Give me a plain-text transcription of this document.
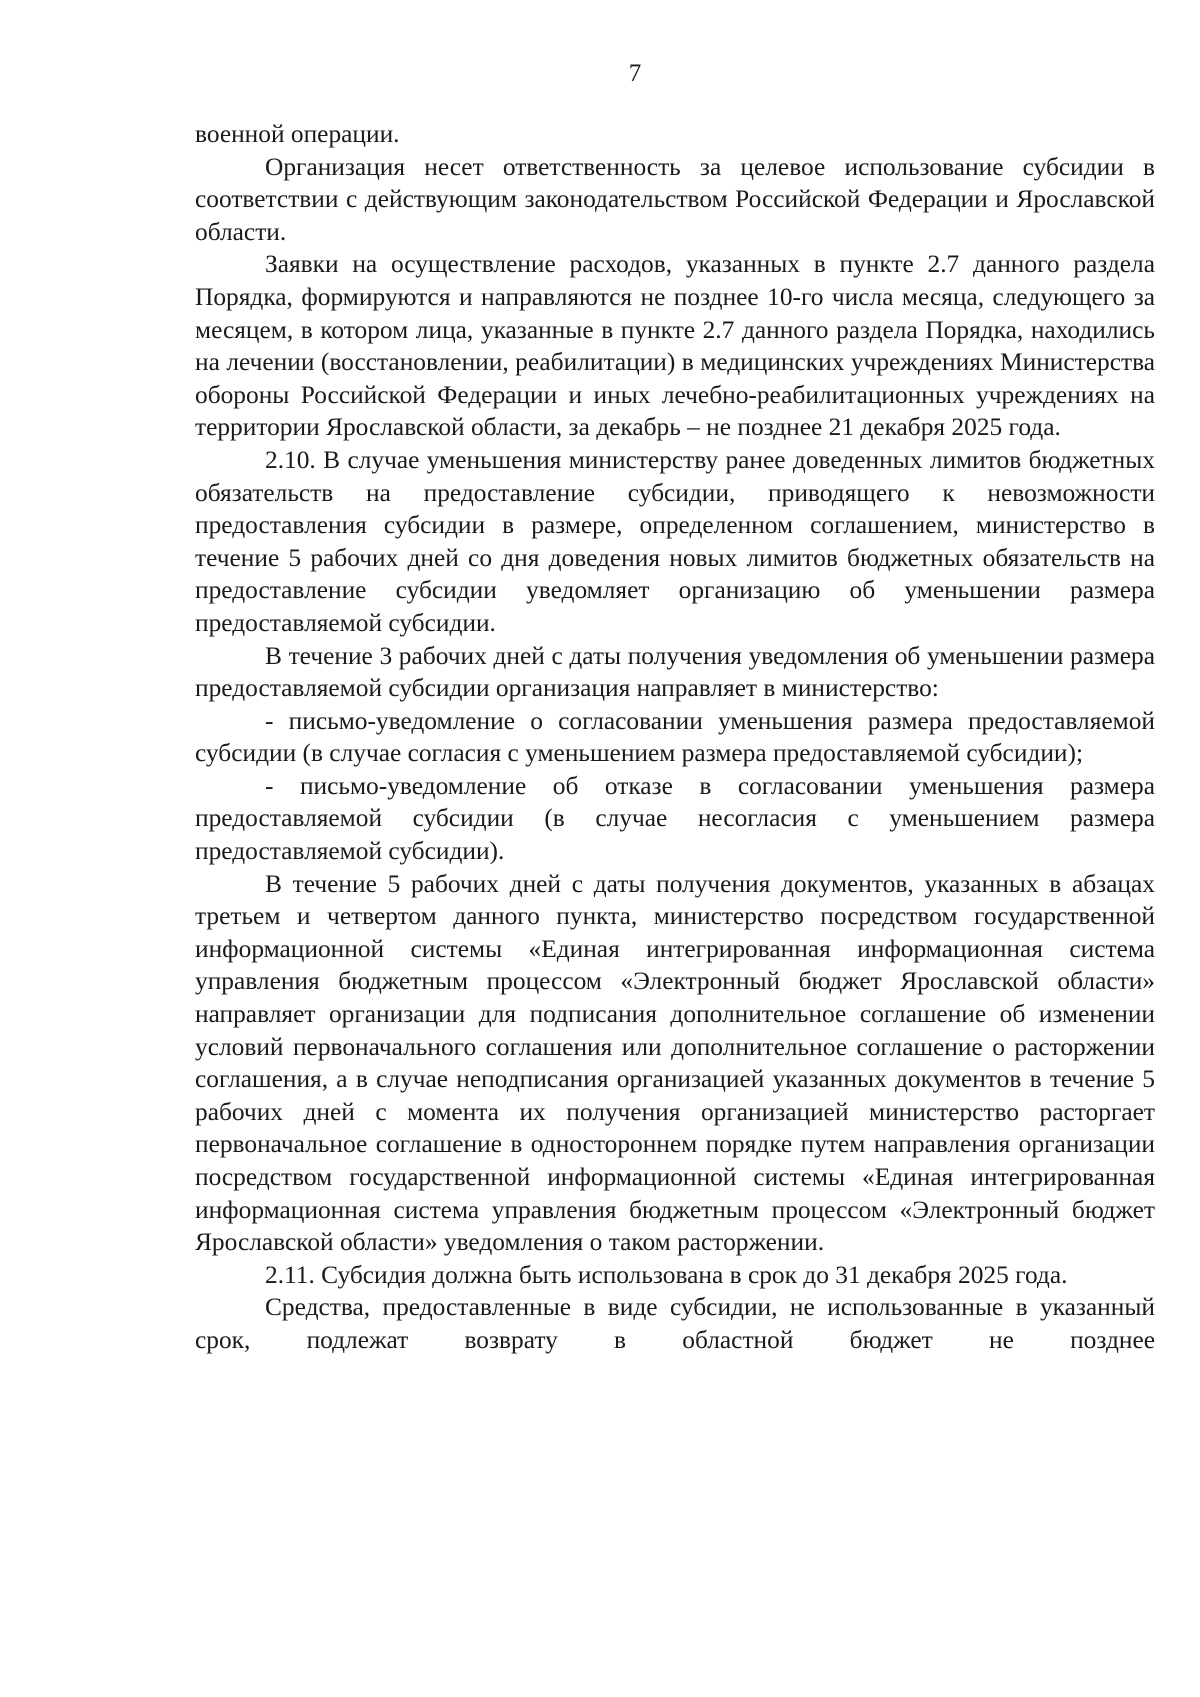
7

военной операции.

Организация несет ответственность за целевое использование субсидии в соответствии с действующим законодательством Российской Федерации и Ярославской области.

Заявки на осуществление расходов, указанных в пункте 2.7 данного раздела Порядка, формируются и направляются не позднее 10-го числа месяца, следующего за месяцем, в котором лица, указанные в пункте 2.7 данного раздела Порядка, находились на лечении (восстановлении, реабилитации) в медицинских учреждениях Министерства обороны Российской Федерации и иных лечебно-реабилитационных учреждениях на территории Ярославской области, за декабрь – не позднее 21 декабря 2025 года.

2.10. В случае уменьшения министерству ранее доведенных лимитов бюджетных обязательств на предоставление субсидии, приводящего к невозможности предоставления субсидии в размере, определенном соглашением, министерство в течение 5 рабочих дней со дня доведения новых лимитов бюджетных обязательств на предоставление субсидии уведомляет организацию об уменьшении размера предоставляемой субсидии.

В течение 3 рабочих дней с даты получения уведомления об уменьшении размера предоставляемой субсидии организация направляет в министерство:

- письмо-уведомление о согласовании уменьшения размера предоставляемой субсидии (в случае согласия с уменьшением размера предоставляемой субсидии);

- письмо-уведомление об отказе в согласовании уменьшения размера предоставляемой субсидии (в случае несогласия с уменьшением размера предоставляемой субсидии).

В течение 5 рабочих дней с даты получения документов, указанных в абзацах третьем и четвертом данного пункта, министерство посредством государственной информационной системы «Единая интегрированная информационная система управления бюджетным процессом «Электронный бюджет Ярославской области» направляет организации для подписания дополнительное соглашение об изменении условий первоначального соглашения или дополнительное соглашение о расторжении соглашения, а в случае неподписания организацией указанных документов в течение 5 рабочих дней с момента их получения организацией министерство расторгает первоначальное соглашение в одностороннем порядке путем направления организации посредством государственной информационной системы «Единая интегрированная информационная система управления бюджетным процессом «Электронный бюджет Ярославской области» уведомления о таком расторжении.

2.11. Субсидия должна быть использована в срок до 31 декабря 2025 года.

Средства, предоставленные в виде субсидии, не использованные в указанный срок, подлежат возврату в областной бюджет не позднее
